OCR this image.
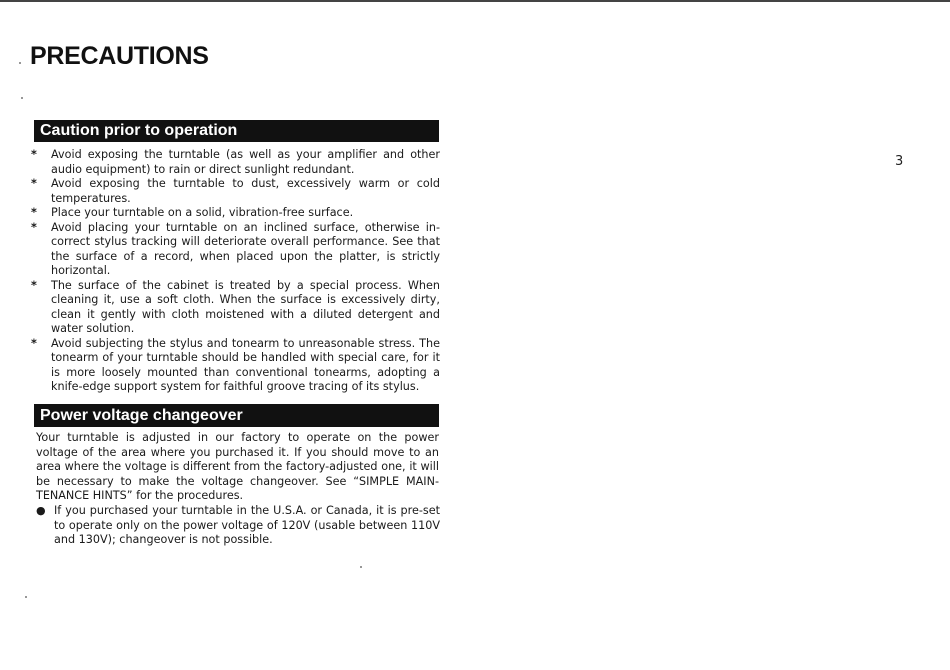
PRECAUTIONS
3
Caution prior to operation
* Avoid exposing the turntable (as well as your amplifier and other audio equipment) to rain or direct sunlight redundant.
* Avoid exposing the turntable to dust, excessively warm or cold temperatures.
* Place your turntable on a solid, vibration-free surface.
* Avoid placing your turntable on an inclined surface, otherwise in-correct stylus tracking will deteriorate overall performance. See that the surface of a record, when placed upon the platter, is strictly horizontal.
* The surface of the cabinet is treated by a special process. When cleaning it, use a soft cloth. When the surface is excessively dirty, clean it gently with cloth moistened with a diluted detergent and water solution.
* Avoid subjecting the stylus and tonearm to unreasonable stress. The tonearm of your turntable should be handled with special care, for it is more loosely mounted than conventional tonearms, adopting a knife-edge support system for faithful groove tracing of its stylus.
Power voltage changeover

Your turntable is adjusted in our factory to operate on the power voltage of the area where you purchased it. If you should move to an area where the voltage is different from the factory-adjusted one, it will be necessary to make the voltage changeover. See “SIMPLE MAIN-TENANCE HINTS” for the procedures.

● If you purchased your turntable in the U.S.A. or Canada, it is pre-set to operate only on the power voltage of 120V (usable between 110V and 130V); changeover is not possible.
